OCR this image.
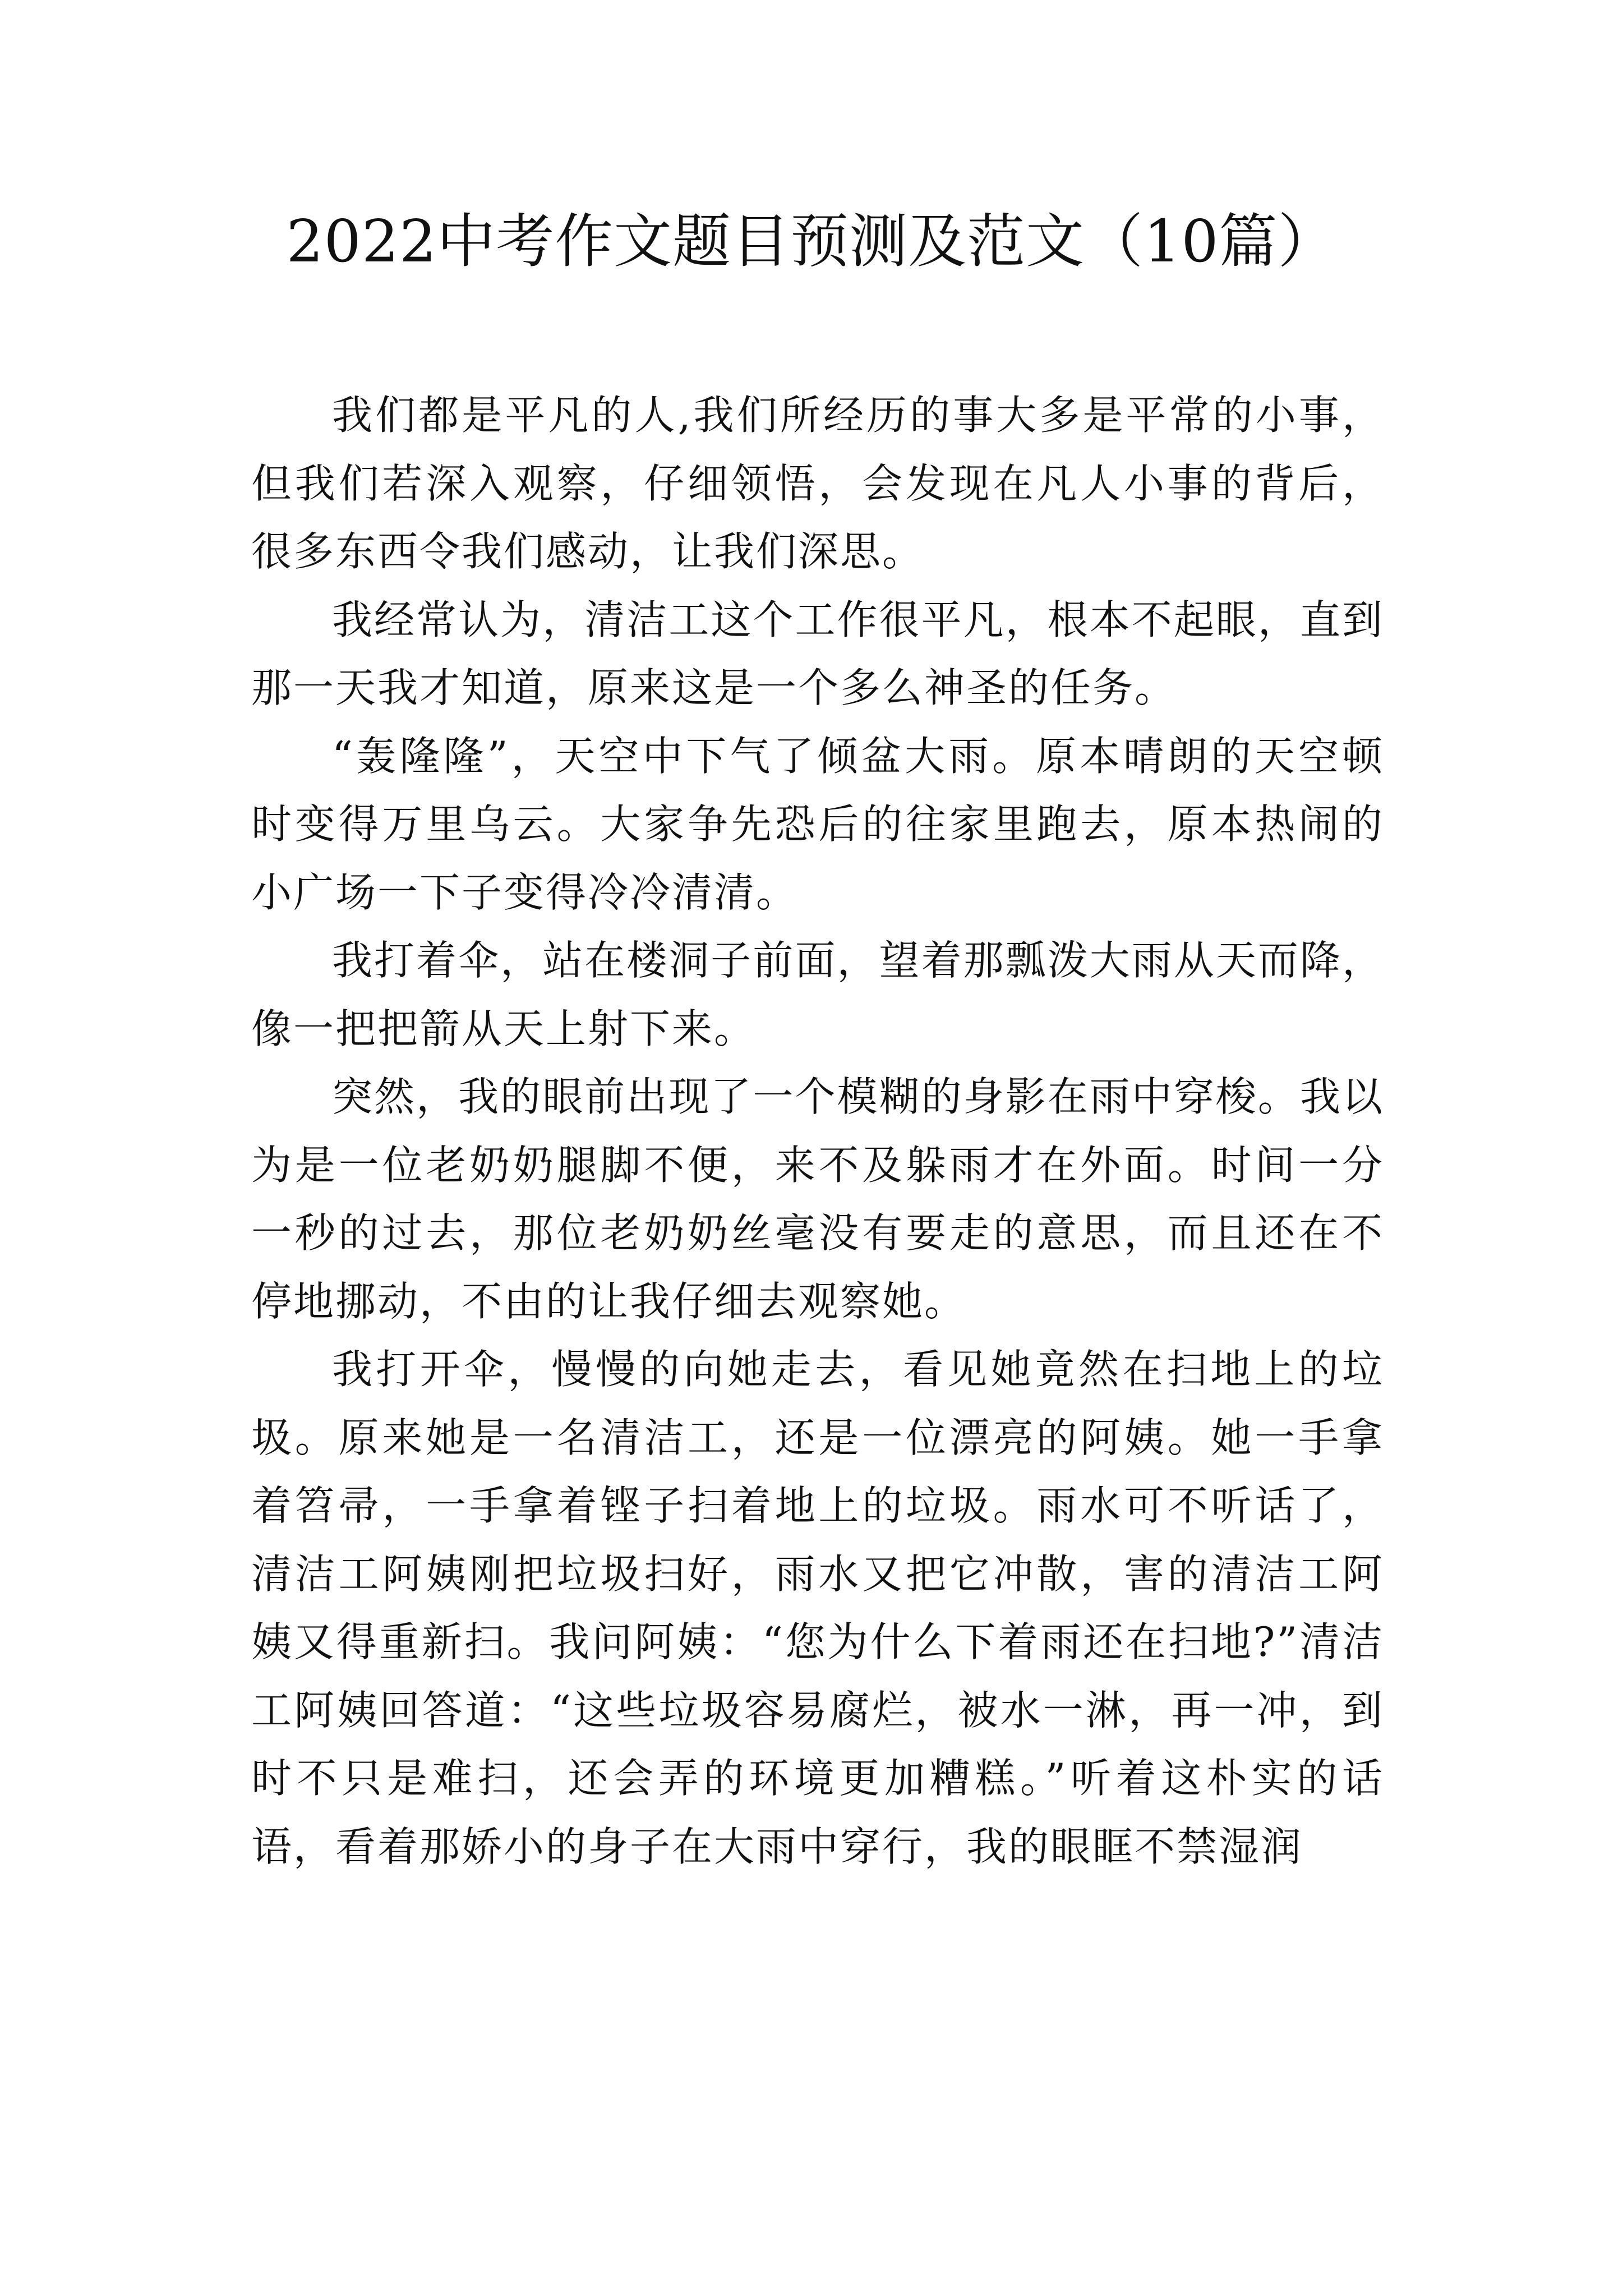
2022中考作文题目预测及范文（10篇）

我们都是平凡的人,我们所经历的事大多是平常的小事，但我们若深入观察，仔细领悟，会发现在凡人小事的背后，很多东西令我们感动，让我们深思。

我经常认为，清洁工这个工作很平凡，根本不起眼，直到那一天我才知道，原来这是一个多么神圣的任务。

“轰隆隆”，天空中下气了倾盆大雨。原本晴朗的天空顿时变得万里乌云。大家争先恐后的往家里跑去，原本热闹的小广场一下子变得冷冷清清。

我打着伞，站在楼洞子前面，望着那瓢泼大雨从天而降，像一把把箭从天上射下来。

突然，我的眼前出现了一个模糊的身影在雨中穿梭。我以为是一位老奶奶腿脚不便，来不及躲雨才在外面。时间一分一秒的过去，那位老奶奶丝毫没有要走的意思，而且还在不停地挪动，不由的让我仔细去观察她。

我打开伞，慢慢的向她走去，看见她竟然在扫地上的垃圾。原来她是一名清洁工，还是一位漂亮的阿姨。她一手拿着笤帚，一手拿着铿子扫着地上的垃圾。雨水可不听话了，清洁工阿姨刚把垃圾扫好，雨水又把它冲散，害的清洁工阿姨又得重新扫。我问阿姨：“您为什么下着雨还在扫地?”清洁工阿姨回答道：“这些垃圾容易腐烂，被水一淋，再一冲，到时不只是难扫，还会弄的环境更加糟糕。”听着这朴实的话语，看着那娇小的身子在大雨中穿行，我的眼眶不禁湿润
